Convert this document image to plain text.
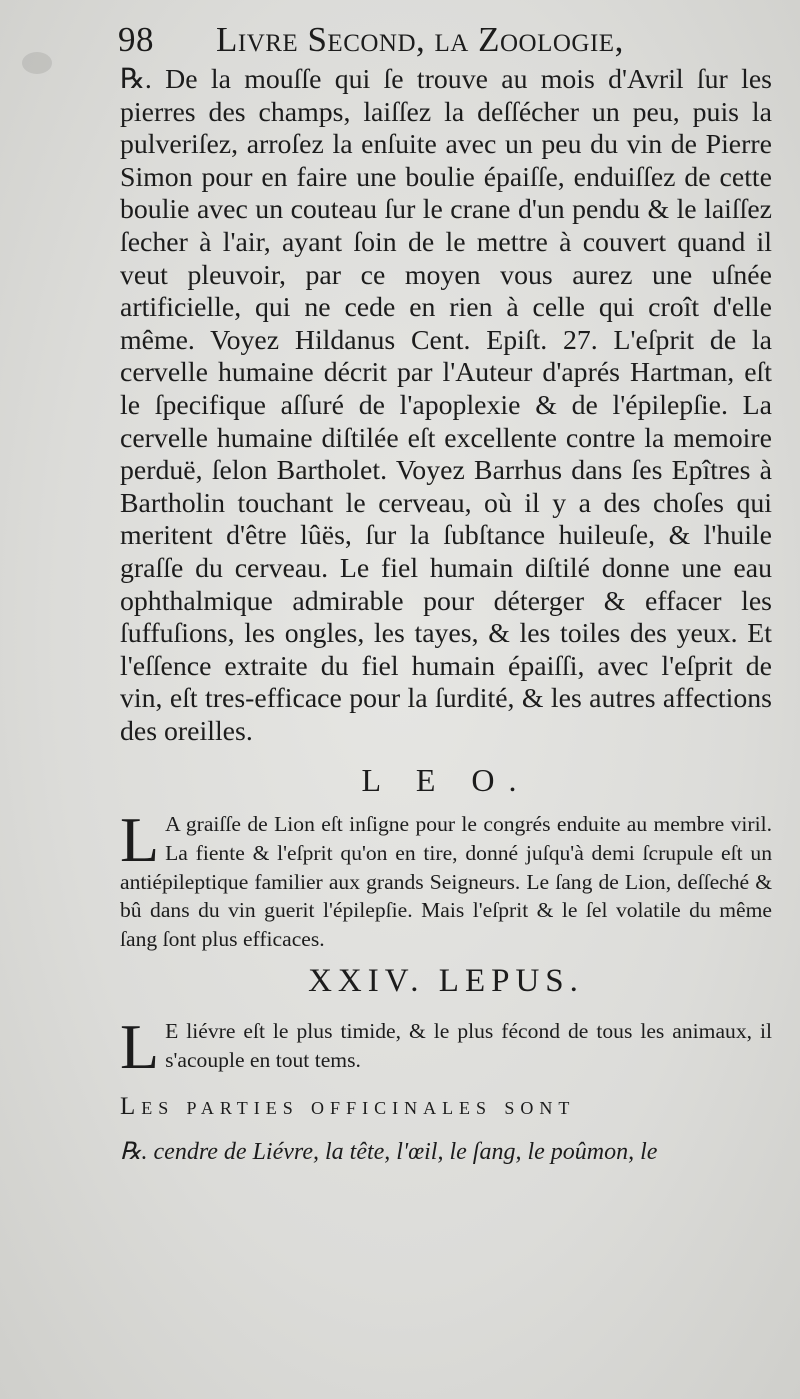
98 Livre Second, la Zoologie,

℞. De la mouſſe qui ſe trouve au mois d'Avril ſur les pierres des champs, laiſſez la deſſécher un peu, puis la pulveriſez, arroſez la enſuite avec un peu du vin de Pierre Simon pour en faire une boulie épaiſſe, enduiſſez de cette boulie avec un couteau ſur le crane d'un pendu & le laiſſez ſecher à l'air, ayant ſoin de le mettre à couvert quand il veut pleuvoir, par ce moyen vous aurez une uſnée artificielle, qui ne cede en rien à celle qui croît d'elle même. Voyez Hildanus Cent. Epiſt. 27. L'eſprit de la cervelle humaine décrit par l'Auteur d'aprés Hartman, eſt le ſpecifique aſſuré de l'apoplexie & de l'épilepſie. La cervelle humaine diſtilée eſt excellente contre la memoire perduë, ſelon Bartholet. Voyez Barrhus dans ſes Epîtres à Bartholin touchant le cerveau, où il y a des choſes qui meritent d'être lûës, ſur la ſubſtance huileuſe, & l'huile graſſe du cerveau. Le fiel humain diſtilé donne une eau ophthalmique admirable pour déterger & effacer les ſuffuſions, les ongles, les tayes, & les toiles des yeux. Et l'eſſence extraite du fiel humain épaiſſi, avec l'eſprit de vin, eſt tres-efficace pour la ſurdité, & les autres affections des oreilles.

L E O.

L A graiſſe de Lion eſt inſigne pour le congrés enduite au membre viril. La fiente & l'eſprit qu'on en tire, donné juſqu'à demi ſcrupule eſt un antiépileptique familier aux grands Seigneurs. Le ſang de Lion, deſſeché & bû dans du vin guerit l'épilepſie. Mais l'eſprit & le ſel volatile du même ſang ſont plus efficaces.

XXIV. LEPUS.

L E liévre eſt le plus timide, & le plus fécond de tous les animaux, il s'acouple en tout tems.

Les parties officinales sont
℞. cendre de Liévre, la tête, l'œil, le ſang, le poûmon, le
